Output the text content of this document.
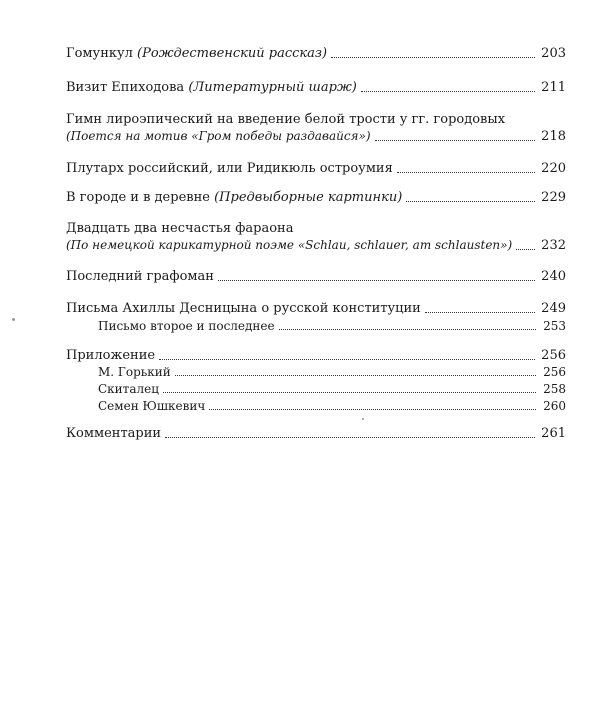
Гомункул (Рождественский рассказ)	203
Визит Епиходова (Литературный шарж)	211
Гимн лироэпический на введение белой трости у гг. городовых
(Поется на мотив «Гром победы раздавайся»)	218
Плутарх российский, или Ридикюль остроумия	220
В городе и в деревне (Предвыборные картинки)	229
Двадцать два несчастья фараона
(По немецкой карикатурной поэме «Schlau, schlauer, am schlausten») 232
Последний графоман	240
Письма Ахиллы Десницына о русской конституции	249
Письмо второе и последнее	253
Приложение	256
М. Горький	256
Скиталец	258
Семен Юшкевич	260
Комментарии	261
